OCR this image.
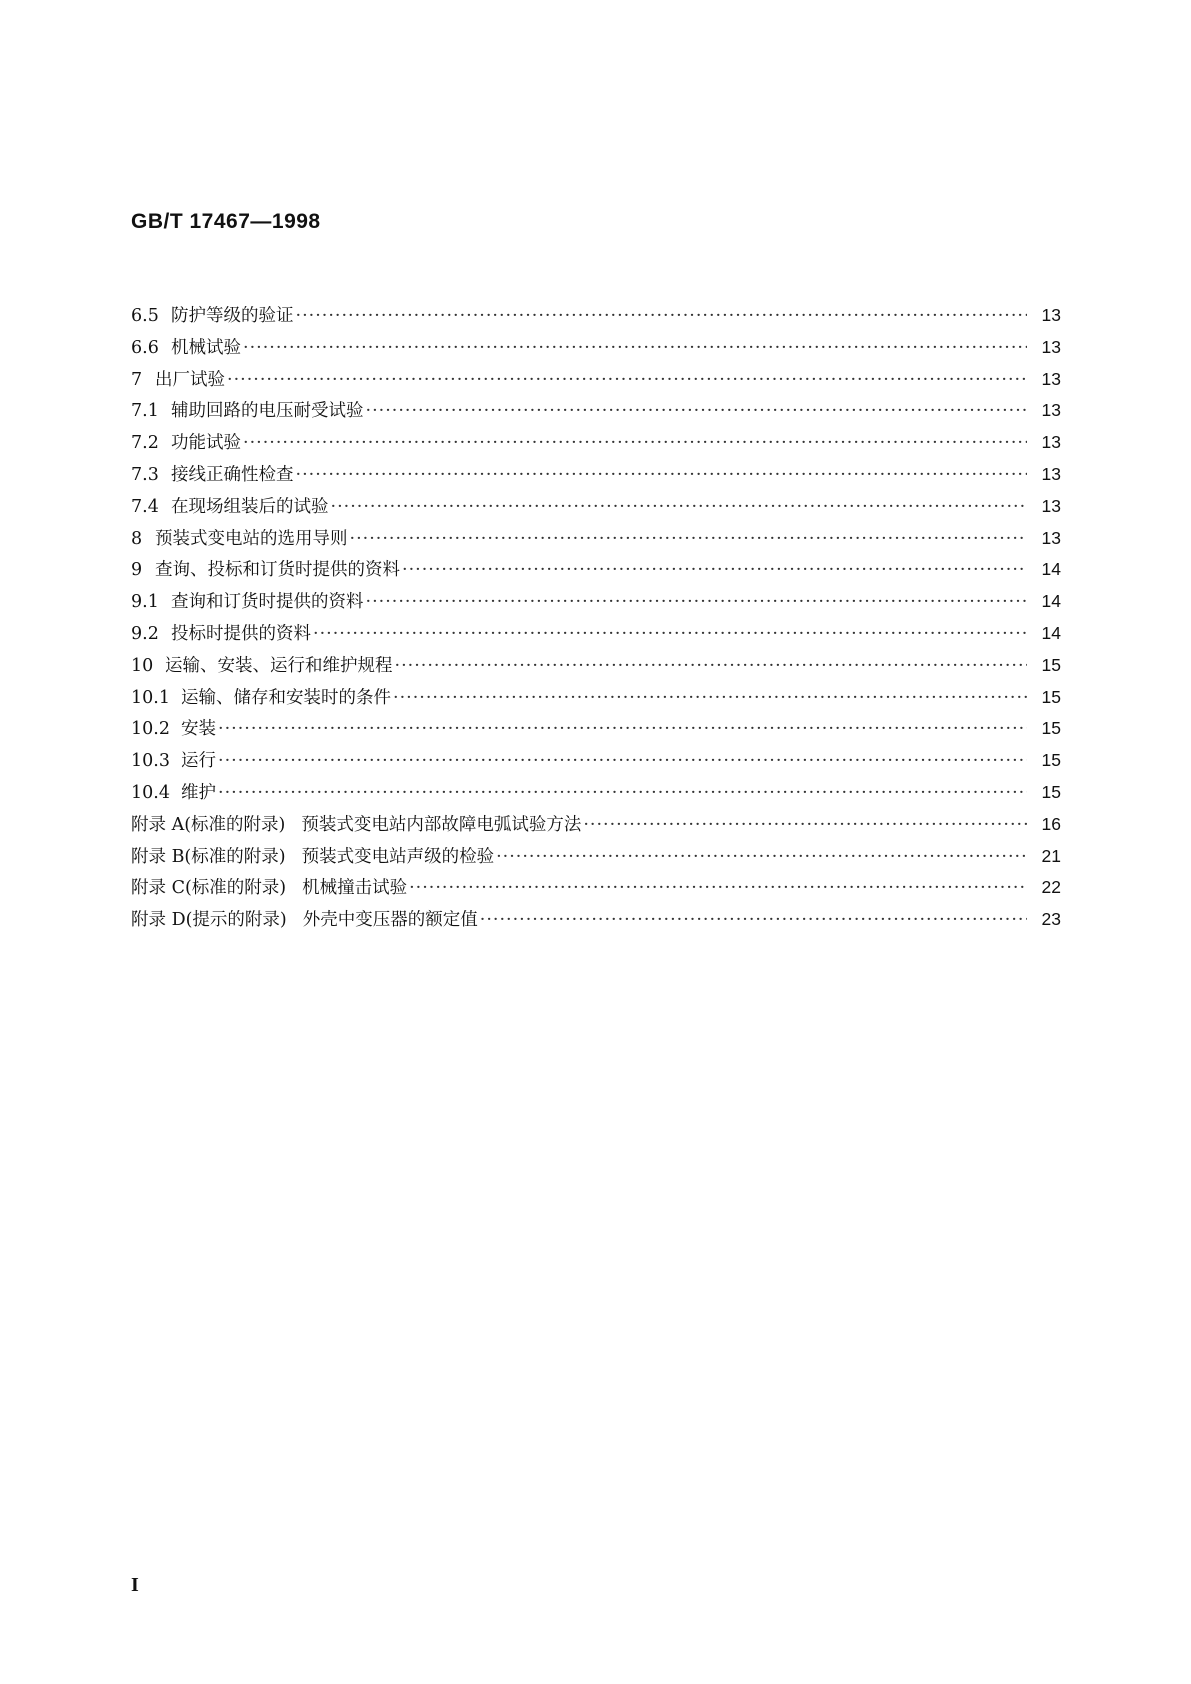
GB/T 17467—1998
6.5 防护等级的验证 ·····	13
6.6 机械试验 ·····	13
7 出厂试验 ·····	13
7.1 辅助回路的电压耐受试验 ·····	13
7.2 功能试验 ·····	13
7.3 接线正确性检查 ·····	13
7.4 在现场组装后的试验 ·····	13
8 预装式变电站的选用导则 ·····	13
9 查询、投标和订货时提供的资料 ·····	14
9.1 查询和订货时提供的资料 ·····	14
9.2 投标时提供的资料 ·····	14
10 运输、安装、运行和维护规程 ·····	15
10.1 运输、储存和安装时的条件 ·····	15
10.2 安装 ·····	15
10.3 运行 ·····	15
10.4 维护 ·····	15
附录 A(标准的附录) 预装式变电站内部故障电弧试验方法 ·····	16
附录 B(标准的附录) 预装式变电站声级的检验 ·····	21
附录 C(标准的附录) 机械撞击试验 ·····	22
附录 D(提示的附录) 外壳中变压器的额定值 ·····	23
I
